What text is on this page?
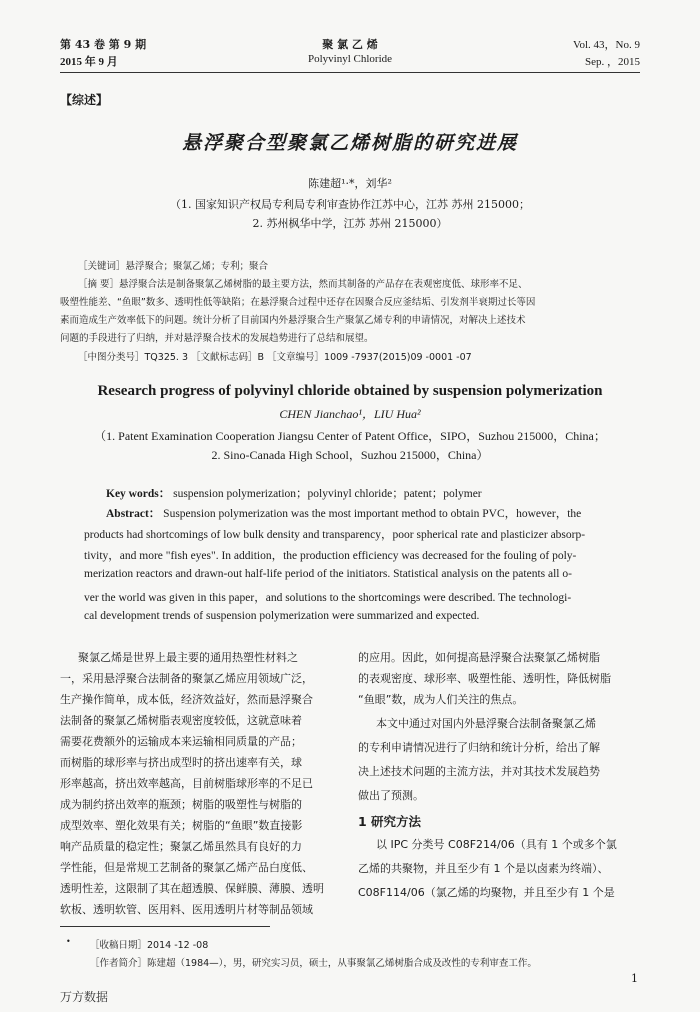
第 43 卷 第 9 期
2015 年 9 月
聚 氯 乙 烯
Polyvinyl Chloride
Vol. 43，No. 9
Sep. ，2015
【综述】
悬浮聚合型聚氯乙烯树脂的研究进展
陈建超¹·*，刘华²
（1. 国家知识产权局专利局专利审查协作江苏中心，江苏 苏州 215000；
2. 苏州枫华中学，江苏 苏州 215000）
［关键词］悬浮聚合；聚氯乙烯；专利；聚合
［摘 要］悬浮聚合法是制备聚氯乙烯树脂的最主要方法，然而其制备的产品存在表观密度低、球形率不足、
吸塑性能差、“鱼眼”数多、透明性低等缺陷；在悬浮聚合过程中还存在因聚合反应釜结垢、引发剂半衰期过长等因
素而造成生产效率低下的问题。统计分析了目前国内外悬浮聚合生产聚氯乙烯专利的申请情况，对解决上述技术
问题的手段进行了归纳，并对悬浮聚合技术的发展趋势进行了总结和展望。
［中图分类号］TQ325. 3 ［文献标志码］B ［文章编号］1009 -7937(2015)09 -0001 -07
Research progress of polyvinyl chloride obtained by suspension polymerization
CHEN Jianchao¹，LIU Hua²
（1. Patent Examination Cooperation Jiangsu Center of Patent Office，SIPO，Suzhou 215000，China；
2. Sino-Canada High School，Suzhou 215000，China）
Key words： suspension polymerization；polyvinyl chloride；patent；polymer
Abstract： Suspension polymerization was the most important method to obtain PVC，however，the
products had shortcomings of low bulk density and transparency，poor spherical rate and plasticizer absorp-
tivity，and more "fish eyes". In addition，the production efficiency was decreased for the fouling of poly-
merization reactors and drawn-out half-life period of the initiators. Statistical analysis on the patents all o-
ver the world was given in this paper，and solutions to the shortcomings were described. The technologi-
cal development trends of suspension polymerization were summarized and expected.
聚氯乙烯是世界上最主要的通用热塑性材料之
一，采用悬浮聚合法制备的聚氯乙烯应用领域广泛，
生产操作简单，成本低，经济效益好，然而悬浮聚合
法制备的聚氯乙烯树脂表观密度较低，这就意味着
需要花费额外的运输成本来运输相同质量的产品；
而树脂的球形率与挤出成型时的挤出速率有关，球
形率越高，挤出效率越高，目前树脂球形率的不足已
成为制约挤出效率的瓶颈；树脂的吸塑性与树脂的
成型效率、塑化效果有关；树脂的“鱼眼”数直接影
响产品质量的稳定性；聚氯乙烯虽然具有良好的力
学性能，但是常规工艺制备的聚氯乙烯产品白度低、
透明性差，这限制了其在超透膜、保鲜膜、薄膜、透明
软板、透明软管、医用料、医用透明片材等制品领域
的应用。因此，如何提高悬浮聚合法聚氯乙烯树脂
的表观密度、球形率、吸塑性能、透明性，降低树脂
“鱼眼”数，成为人们关注的焦点。
本文中通过对国内外悬浮聚合法制备聚氯乙烯
的专利申请情况进行了归纳和统计分析，给出了解
决上述技术问题的主流方法，并对其技术发展趋势
做出了预测。
1 研究方法
以 IPC 分类号 C08F214/06（具有 1 个或多个氯
乙烯的共聚物，并且至少有 1 个是以卤素为终端）、
C08F114/06（氯乙烯的均聚物，并且至少有 1 个是
• ［收稿日期］2014 -12 -08
［作者简介］陈建超（1984—），男，研究实习员，硕士，从事聚氯乙烯树脂合成及改性的专利审查工作。
1
万方数据
